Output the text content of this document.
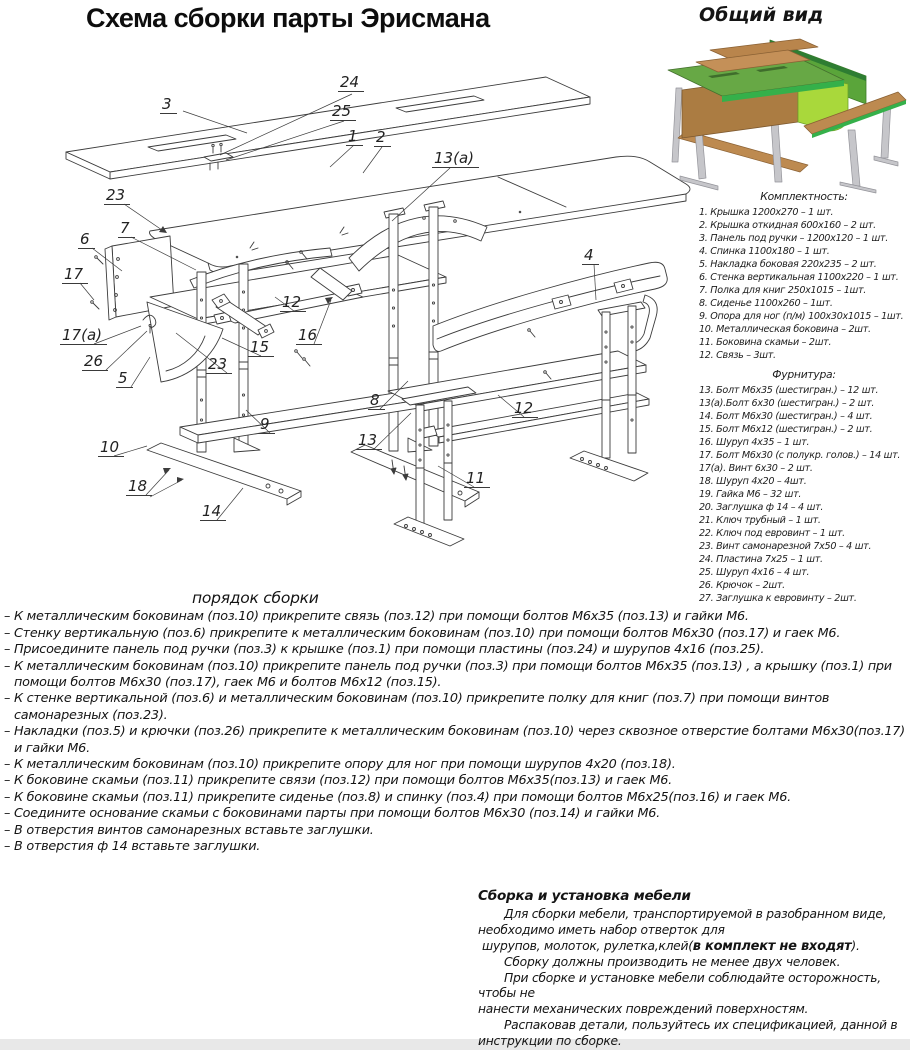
Схема сборки парты Эрисмана	Общий вид
3
24
25
1	2
13(а)
23
7
6
17
17(а)
26
5
23
15
16
12
4
8
13
12
9
10
18
14
11
Комплектность:
1. Крышка 1200х270 – 1 шт.
2. Крышка откидная 600х160 – 2 шт.
3. Панель под ручки – 1200х120 – 1 шт.
4. Спинка 1100х180 – 1 шт.
5. Накладка боковая 220х235 – 2 шт.
6. Стенка вертикальная 1100х220 – 1 шт.
7. Полка для книг 250х1015 – 1шт.
8. Сиденье 1100х260 – 1шт.
9. Опора для ног (п/м) 100х30х1015 – 1шт.
10. Металлическая боковина – 2шт.
11. Боковина скамьи – 2шт.
12. Связь – 3шт.
Фурнитура:
13. Болт М6х35 (шестигран.) – 12 шт.
13(а).Болт 6х30 (шестигран.) – 2 шт.
14. Болт М6х30 (шестигран.) – 4 шт.
15. Болт М6х12 (шестигран.) – 2 шт.
16. Шуруп 4х35 – 1 шт.
17. Болт М6х30 (с полукр. голов.) – 14 шт.
17(а). Винт 6х30 – 2 шт.
18. Шуруп 4х20 – 4шт.
19. Гайка М6 – 32 шт.
20. Заглушка ф 14 – 4 шт.
21. Ключ трубный – 1 шт.
22. Ключ под евровинт – 1 шт.
23. Винт самонарезной 7х50 – 4 шт.
24. Пластина 7х25 – 1 шт.
25. Шуруп 4х16 – 4 шт.
26. Крючок – 2шт.
27. Заглушка к евровинту – 2шт.
порядок сборки
– К металлическим боковинам (поз.10) прикрепите связь (поз.12) при помощи болтов М6х35 (поз.13) и гайки М6.
– Стенку вертикальную (поз.6) прикрепите к металлическим боковинам (поз.10) при помощи болтов М6х30 (поз.17) и гаек М6.
– Присоедините панель под ручки (поз.3) к крышке (поз.1) при помощи пластины (поз.24) и шурупов 4х16 (поз.25).
– К металлическим боковинам (поз.10) прикрепите панель под ручки (поз.3) при помощи болтов М6х35 (поз.13) , а крышку (поз.1) при помощи болтов М6х30 (поз.17), гаек М6 и болтов М6х12 (поз.15).
– К стенке вертикальной (поз.6) и металлическим боковинам (поз.10) прикрепите полку для книг (поз.7) при помощи винтов самонарезных (поз.23).
– Накладки (поз.5) и крючки (поз.26) прикрепите к металлическим боковинам (поз.10) через сквозное отверстие болтами М6х30(поз.17) и гайки М6.
– К металлическим боковинам (поз.10) прикрепите опору для ног при помощи шурупов 4х20 (поз.18).
– К боковине скамьи (поз.11) прикрепите связи (поз.12) при помощи болтов М6х35(поз.13) и гаек М6.
– К боковине скамьи (поз.11) прикрепите сиденье (поз.8) и спинку (поз.4) при помощи болтов М6х25(поз.16) и гаек М6.
– Соедините основание скамьи с боковинами парты при помощи болтов М6х30 (поз.14) и гайки М6.
– В отверстия винтов самонарезных вставьте заглушки.
– В отверстия ф 14 вставьте заглушки.
Сборка и установка мебели
Для сборки мебели, транспортируемой в разобранном виде,
необходимо иметь набор отверток для
шурупов, молоток, рулетка,клей(в комплект не входят).
Сборку должны производить не менее двух человек.
При сборке и установке мебели соблюдайте осторожность, чтобы не
нанести механических повреждений поверхностям.
Распаковав детали, пользуйтесь их спецификацией, данной в
инструкции по сборке.
